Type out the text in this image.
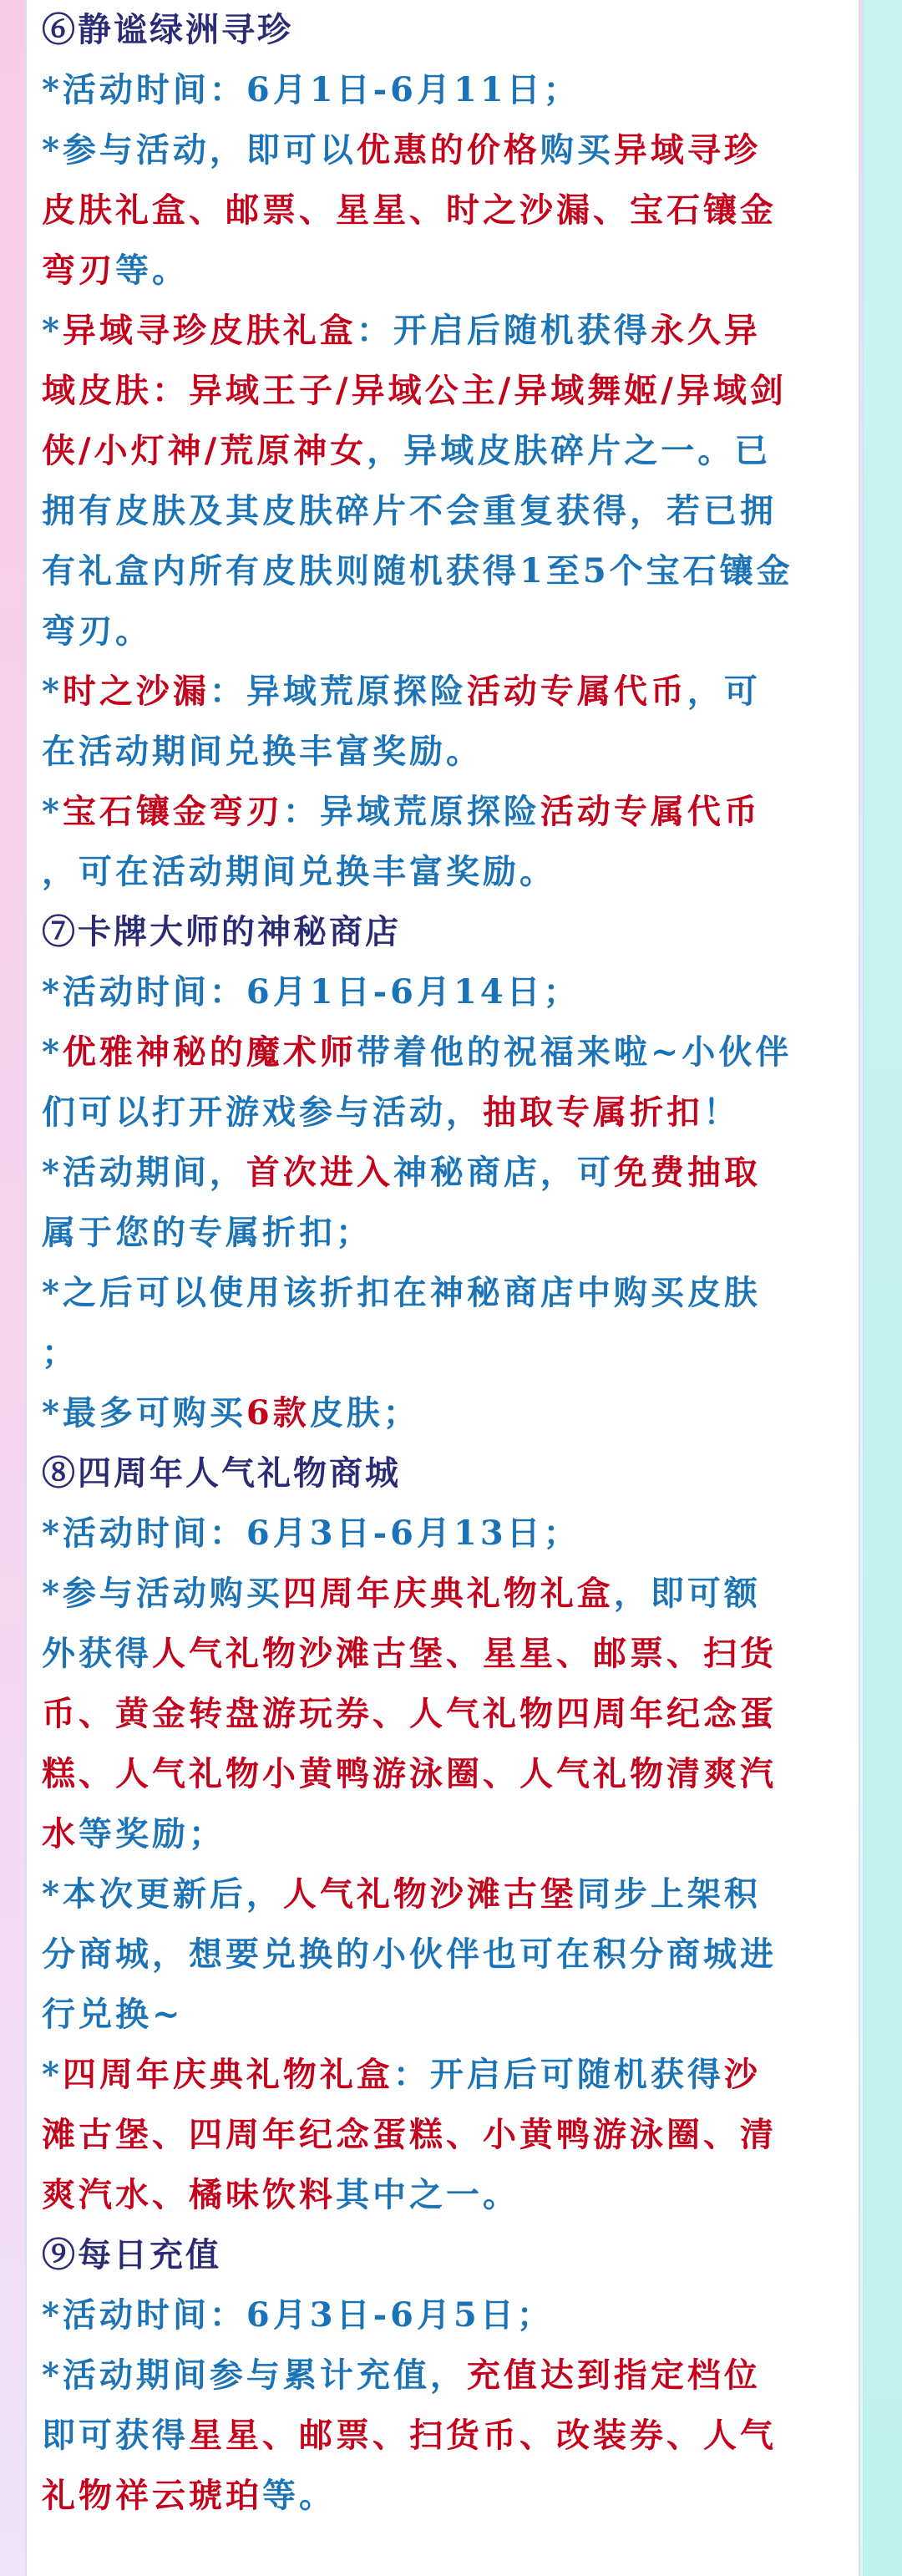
⑥静谧绿洲寻珍

*活动时间：6月1日-6月11日；

*参与活动，即可以优惠的价格购买异域寻珍

皮肤礼盒、邮票、星星、时之沙漏、宝石镶金

弯刃等。

*异域寻珍皮肤礼盒：开启后随机获得永久异

域皮肤：异域王子/异域公主/异域舞姬/异域剑

侠/小灯神/荒原神女，异域皮肤碎片之一。已

拥有皮肤及其皮肤碎片不会重复获得，若已拥

有礼盒内所有皮肤则随机获得1至5个宝石镶金

弯刃。

*时之沙漏：异域荒原探险活动专属代币，可

在活动期间兑换丰富奖励。

*宝石镶金弯刃：异域荒原探险活动专属代币

，可在活动期间兑换丰富奖励。

⑦卡牌大师的神秘商店

*活动时间：6月1日-6月14日；

*优雅神秘的魔术师带着他的祝福来啦~小伙伴

们可以打开游戏参与活动，抽取专属折扣！

*活动期间，首次进入神秘商店，可免费抽取

属于您的专属折扣；

*之后可以使用该折扣在神秘商店中购买皮肤

；

*最多可购买6款皮肤；

⑧四周年人气礼物商城

*活动时间：6月3日-6月13日；

*参与活动购买四周年庆典礼物礼盒，即可额

外获得人气礼物沙滩古堡、星星、邮票、扫货

币、黄金转盘游玩券、人气礼物四周年纪念蛋

糕、人气礼物小黄鸭游泳圈、人气礼物清爽汽

水等奖励；

*本次更新后，人气礼物沙滩古堡同步上架积

分商城，想要兑换的小伙伴也可在积分商城进

行兑换~

*四周年庆典礼物礼盒：开启后可随机获得沙

滩古堡、四周年纪念蛋糕、小黄鸭游泳圈、清

爽汽水、橘味饮料其中之一。

⑨每日充值

*活动时间：6月3日-6月5日；

*活动期间参与累计充值，充值达到指定档位

即可获得星星、邮票、扫货币、改装券、人气

礼物祥云琥珀等。
